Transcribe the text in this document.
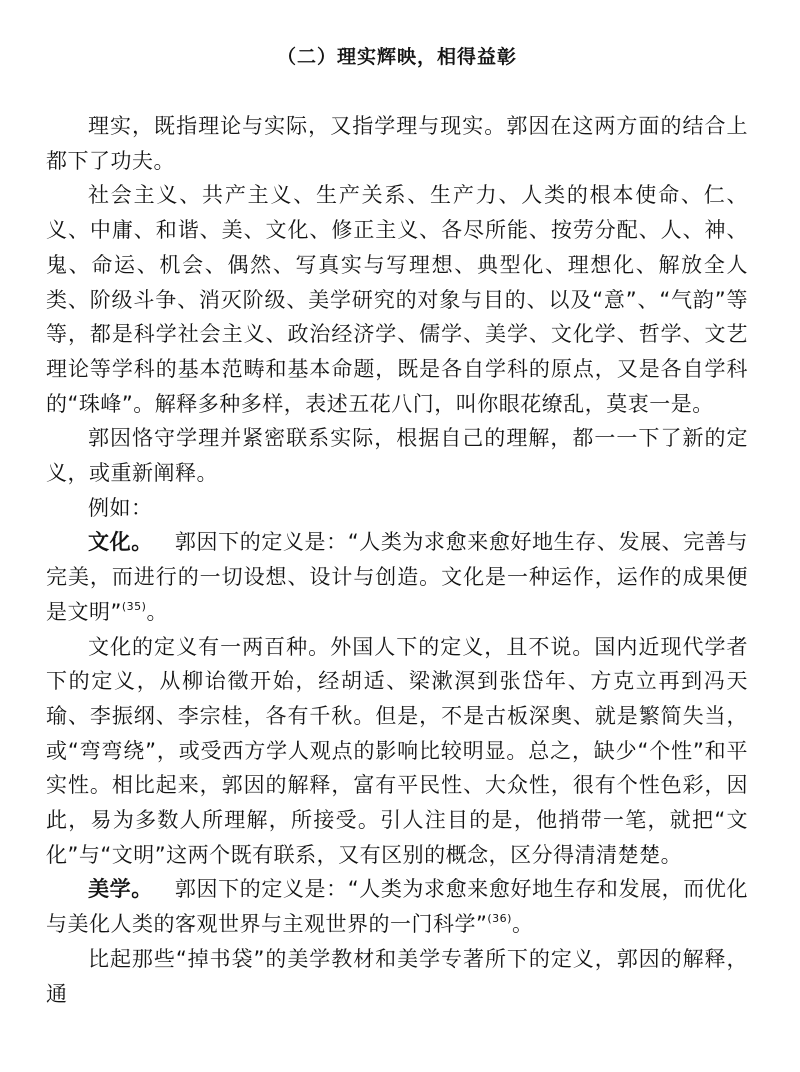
（二）理实辉映，相得益彰

理实，既指理论与实际，又指学理与现实。郭因在这两方面的结合上都下了功夫。

社会主义、共产主义、生产关系、生产力、人类的根本使命、仁、义、中庸、和谐、美、文化、修正主义、各尽所能、按劳分配、人、神、鬼、命运、机会、偶然、写真实与写理想、典型化、理想化、解放全人类、阶级斗争、消灭阶级、美学研究的对象与目的、以及“意”、“气韵”等等，都是科学社会主义、政治经济学、儒学、美学、文化学、哲学、文艺理论等学科的基本范畴和基本命题，既是各自学科的原点，又是各自学科的“珠峰”。解释多种多样，表述五花八门，叫你眼花缭乱，莫衷一是。

郭因恪守学理并紧密联系实际，根据自己的理解，都一一下了新的定义，或重新阐释。

例如：

文化。 郭因下的定义是：“人类为求愈来愈好地生存、发展、完善与完美，而进行的一切设想、设计与创造。文化是一种运作，运作的成果便是文明”$^{(35)}$。

文化的定义有一两百种。外国人下的定义，且不说。国内近现代学者下的定义，从柳诒徵开始，经胡适、梁漱溟到张岱年、方克立再到冯天瑜、李振纲、李宗桂，各有千秋。但是，不是古板深奥、就是繁简失当，或“弯弯绕”，或受西方学人观点的影响比较明显。总之，缺少“个性”和平实性。相比起来，郭因的解释，富有平民性、大众性，很有个性色彩，因此，易为多数人所理解，所接受。引人注目的是，他捎带一笔，就把“文化”与“文明”这两个既有联系，又有区别的概念，区分得清清楚楚。

美学。 郭因下的定义是：“人类为求愈来愈好地生存和发展，而优化与美化人类的客观世界与主观世界的一门科学”$^{(36)}$。

比起那些“掉书袋”的美学教材和美学专著所下的定义，郭因的解释，通
